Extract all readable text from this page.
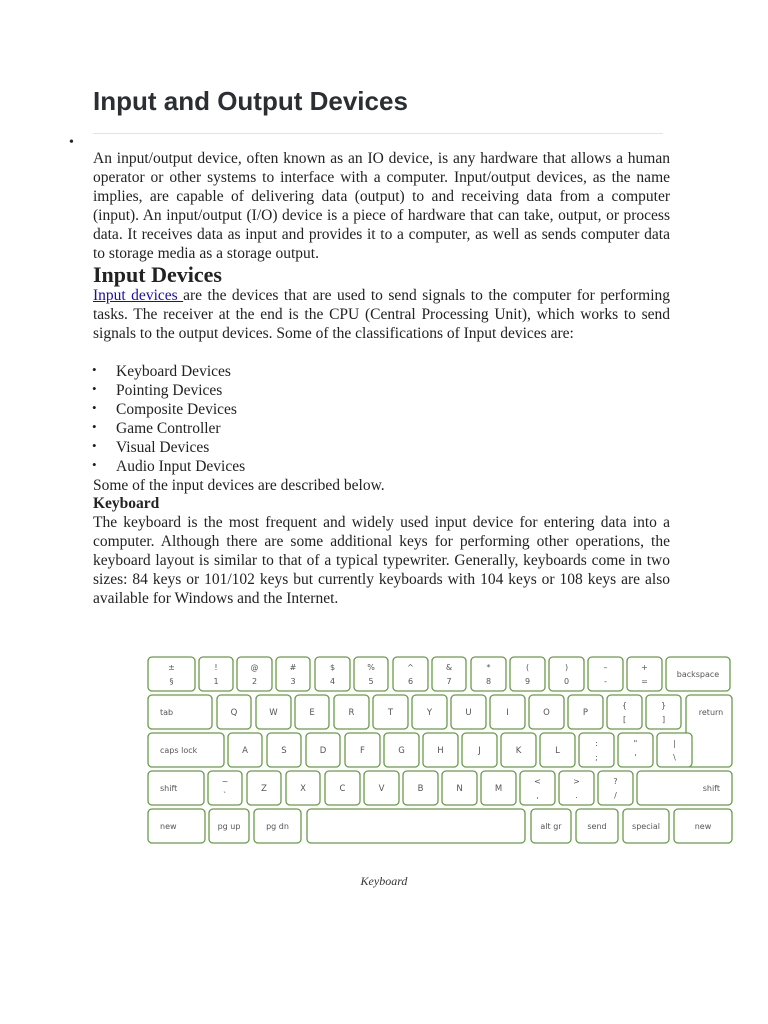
Input and Output Devices
•
An input/output device, often known as an IO device, is any hardware that allows a human operator or other systems to interface with a computer. Input/output devices, as the name implies, are capable of delivering data (output) to and receiving data from a computer (input). An input/output (I/O) device is a piece of hardware that can take, output, or process data. It receives data as input and provides it to a computer, as well as sends computer data to storage media as a storage output.
Input Devices
Input devices are the devices that are used to send signals to the computer for performing tasks. The receiver at the end is the CPU (Central Processing Unit), which works to send signals to the output devices. Some of the classifications of Input devices are:
• Keyboard Devices
• Pointing Devices
• Composite Devices
• Game Controller
• Visual Devices
• Audio Input Devices
Some of the input devices are described below.
Keyboard
The keyboard is the most frequent and widely used input device for entering data into a computer. Although there are some additional keys for performing other operations, the keyboard layout is similar to that of a typical typewriter. Generally, keyboards come in two sizes: 84 keys or 101/102 keys but currently keyboards with 104 keys or 108 keys are also available for Windows and the Internet.
±
§
!
1
@
2
#
3
$
4
%
5
^
6
&
7
*
8
(
9
)
0
–
-
+
=
backspace
tab	Q	W	E	R	T	Y	U	I	O	P
{
[
}
]
return
caps lock	A	S	D	F	G	H	J	K	L
:
;
"
'
|
\
shift
~
`
Z	X	C	V	B	N	M
<
,
>
.
?
/
shift
new	pg up	pg dn	alt gr	send	special	new
Keyboard
